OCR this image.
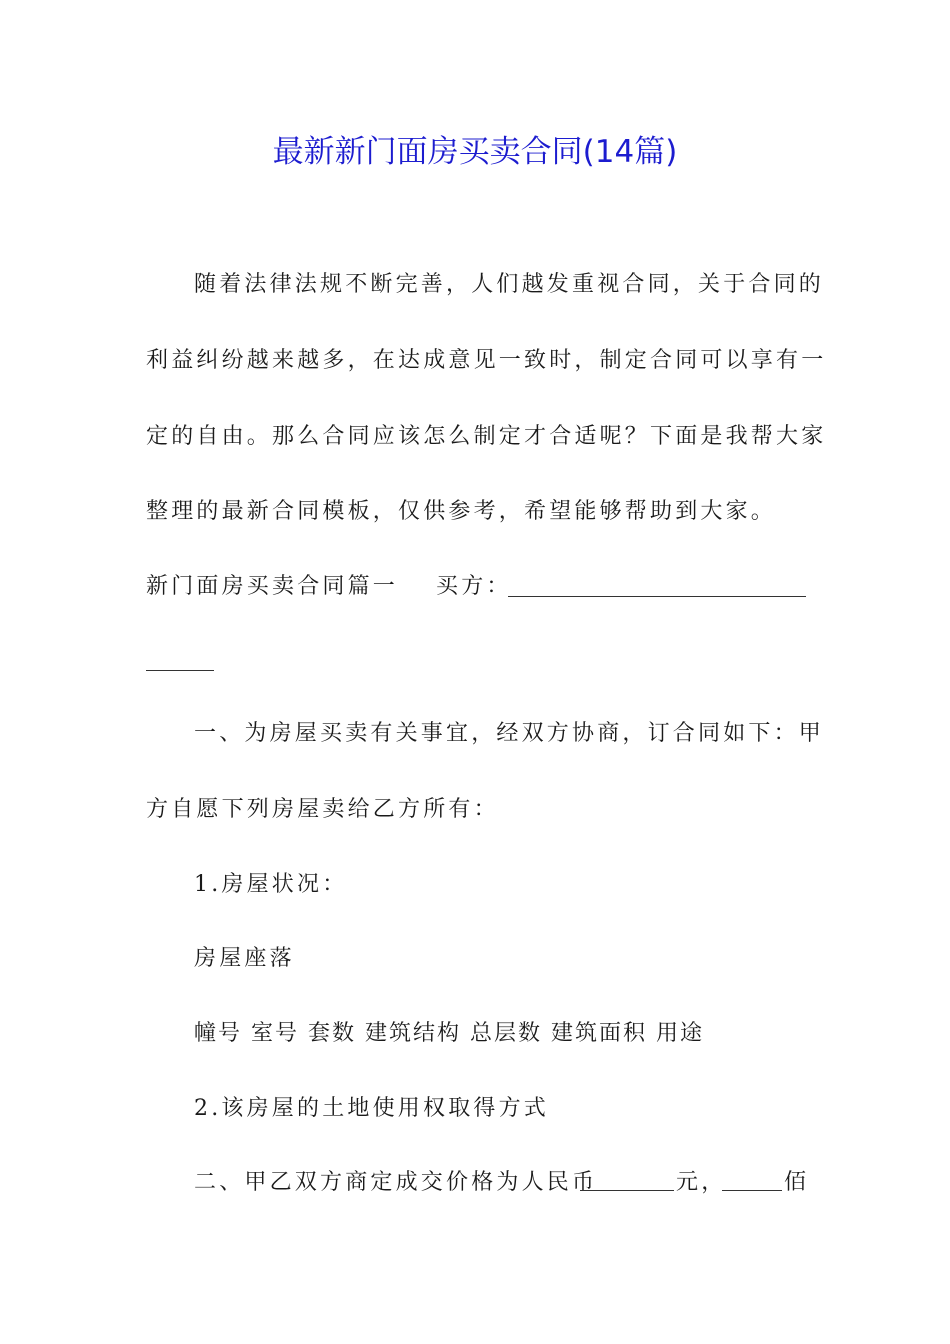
最新新门面房买卖合同(14篇)
随着法律法规不断完善，人们越发重视合同，关于合同的
利益纠纷越来越多，在达成意见一致时，制定合同可以享有一
定的自由。那么合同应该怎么制定才合适呢？下面是我帮大家
整理的最新合同模板，仅供参考，希望能够帮助到大家。
新门面房买卖合同篇一 买方：
一、为房屋买卖有关事宜，经双方协商，订合同如下：甲
方自愿下列房屋卖给乙方所有：
1.房屋状况：
房屋座落
幢号 室号 套数 建筑结构 总层数 建筑面积 用途
2.该房屋的土地使用权取得方式
二、甲乙双方商定成交价格为人民币	元，	佰
